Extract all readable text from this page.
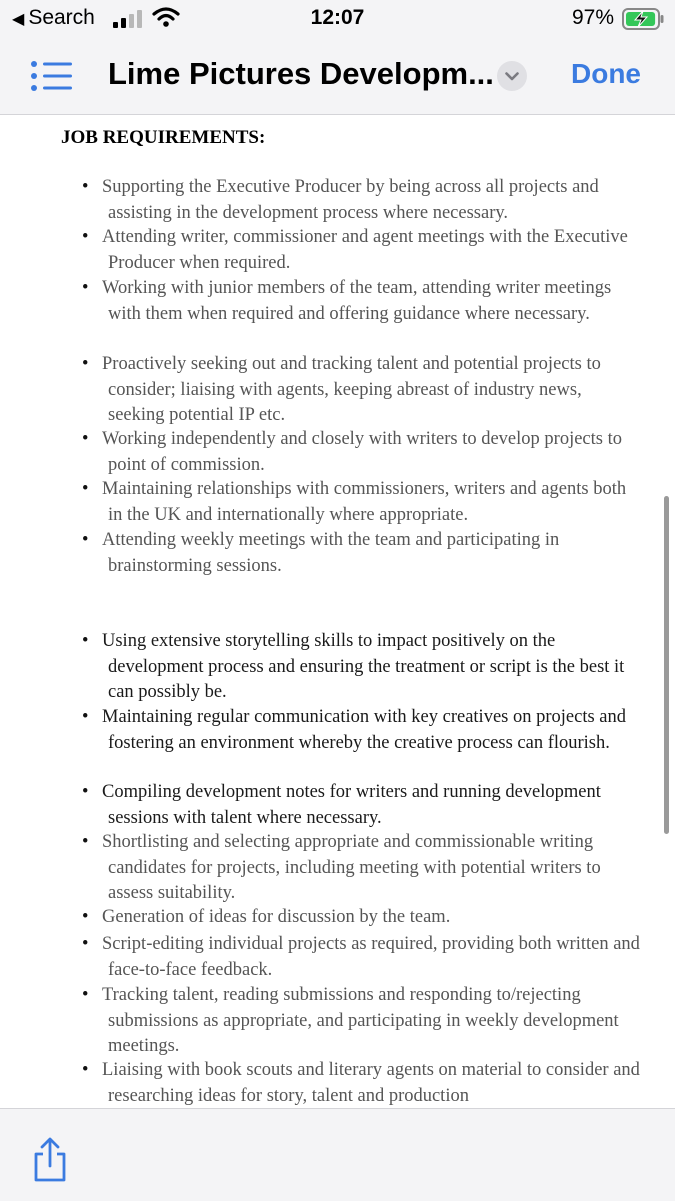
◀ Search	12:07	97%
Lime Pictures Developm...	Done
JOB REQUIREMENTS:
• Supporting the Executive Producer by being across all projects and assisting in the development process where necessary.
• Attending writer, commissioner and agent meetings with the Executive Producer when required.
• Working with junior members of the team, attending writer meetings with them when required and offering guidance where necessary.
• Proactively seeking out and tracking talent and potential projects to consider; liaising with agents, keeping abreast of industry news, seeking potential IP etc.
• Working independently and closely with writers to develop projects to point of commission.
• Maintaining relationships with commissioners, writers and agents both in the UK and internationally where appropriate.
• Attending weekly meetings with the team and participating in brainstorming sessions.
• Using extensive storytelling skills to impact positively on the development process and ensuring the treatment or script is the best it can possibly be.
• Maintaining regular communication with key creatives on projects and fostering an environment whereby the creative process can flourish.
• Compiling development notes for writers and running development sessions with talent where necessary.
• Shortlisting and selecting appropriate and commissionable writing candidates for projects, including meeting with potential writers to assess suitability.
• Generation of ideas for discussion by the team.
• Script-editing individual projects as required, providing both written and face-to-face feedback.
• Tracking talent, reading submissions and responding to/rejecting submissions as appropriate, and participating in weekly development meetings.
• Liaising with book scouts and literary agents on material to consider and researching ideas for story, talent and production
